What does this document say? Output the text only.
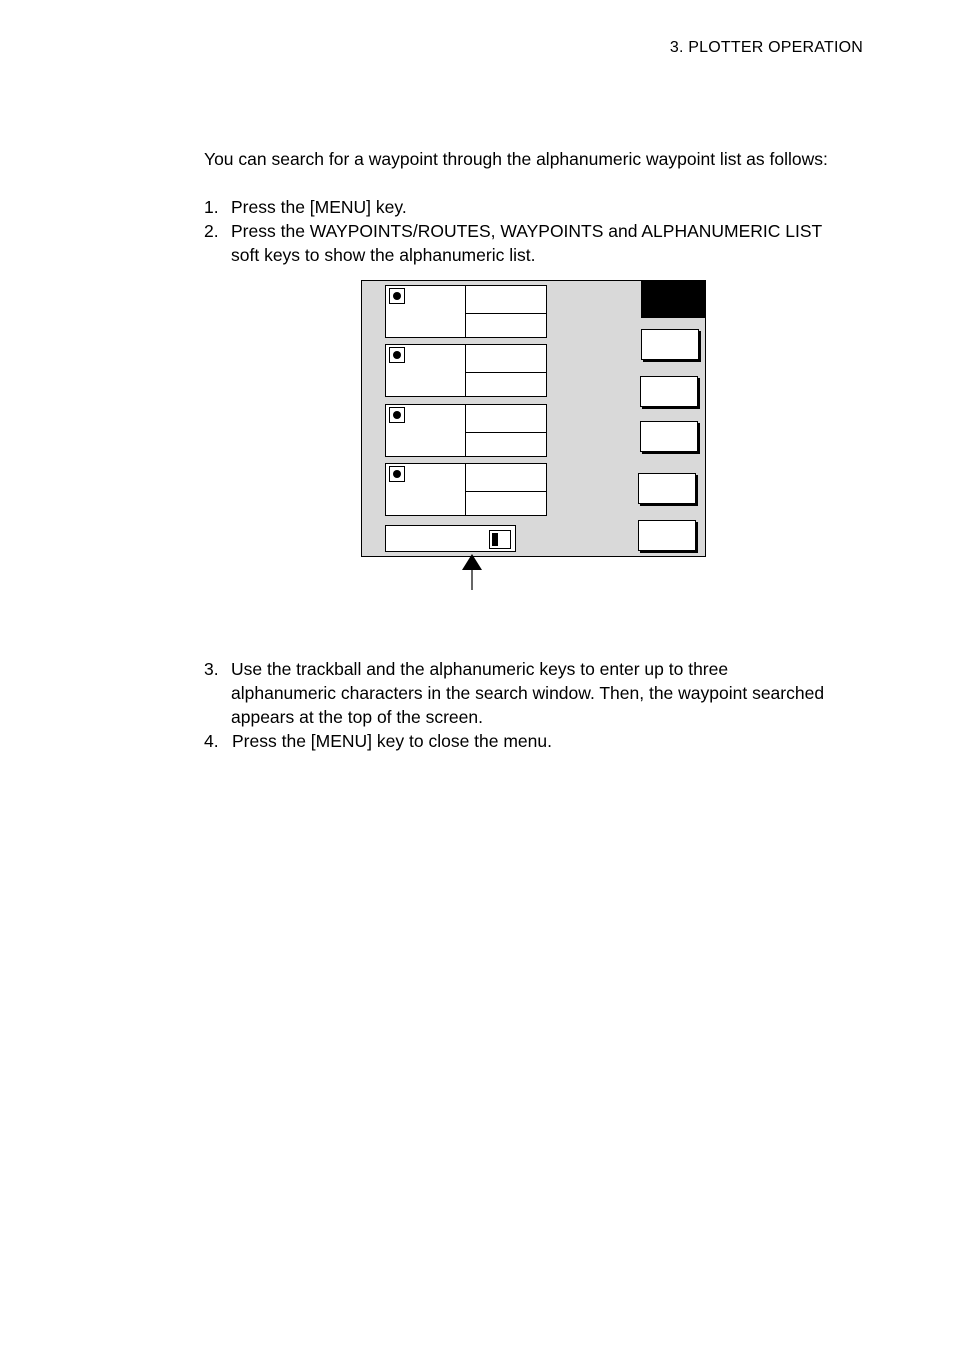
3. PLOTTER OPERATION
You can search for a waypoint through the alphanumeric waypoint list as follows:
1. Press the [MENU] key.
2. Press the WAYPOINTS/ROUTES, WAYPOINTS and ALPHANUMERIC LIST
soft keys to show the alphanumeric list.
3. Use the trackball and the alphanumeric keys to enter up to three
alphanumeric characters in the search window. Then, the waypoint searched
appears at the top of the screen.
4. Press the [MENU] key to close the menu.
